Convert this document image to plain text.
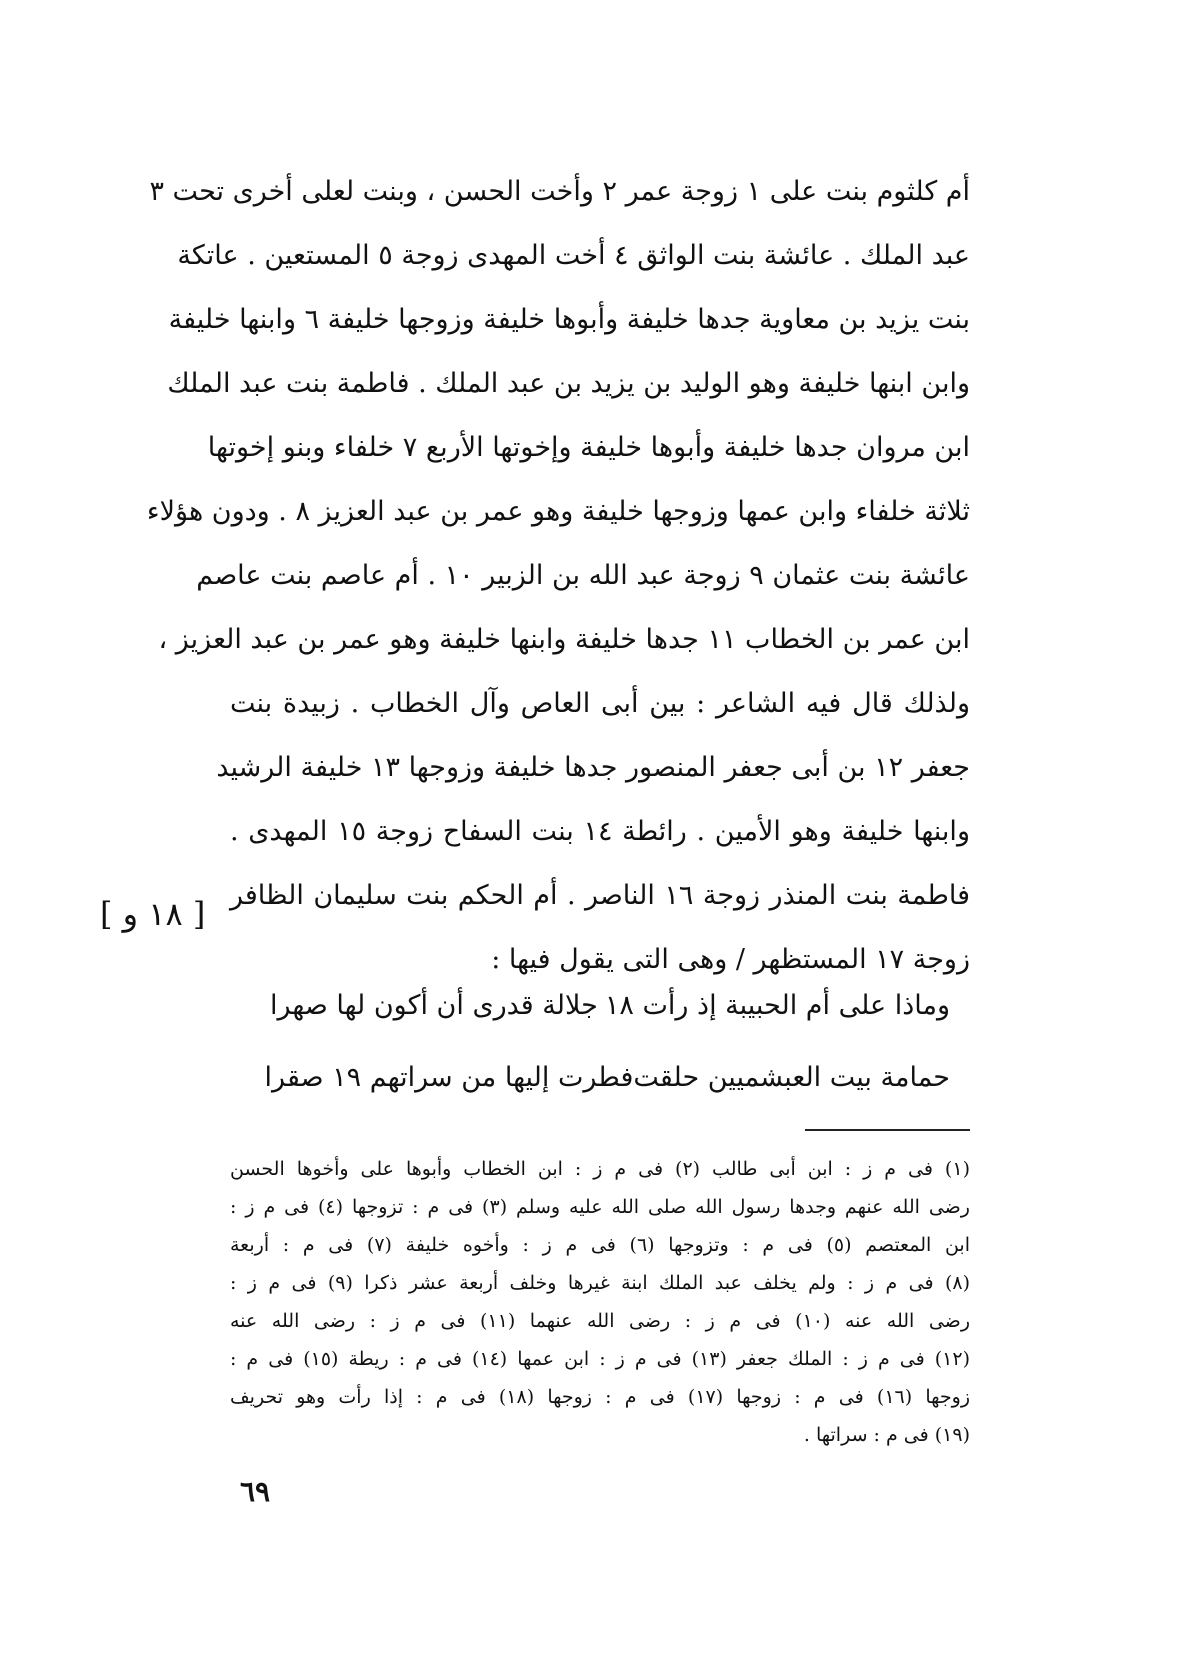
أم كلثوم بنت على ١ زوجة عمر ٢ وأخت الحسن ، وبنت لعلى أخرى تحت ٣
عبد الملك . عائشة بنت الواثق ٤ أخت المهدى زوجة ٥ المستعين . عاتكة
بنت يزيد بن معاوية جدها خليفة وأبوها خليفة وزوجها خليفة ٦ وابنها خليفة
وابن ابنها خليفة وهو الوليد بن يزيد بن عبد الملك . فاطمة بنت عبد الملك
ابن مروان جدها خليفة وأبوها خليفة وإخوتها الأربع ٧ خلفاء وبنو إخوتها
ثلاثة خلفاء وابن عمها وزوجها خليفة وهو عمر بن عبد العزيز ٨ . ودون هؤلاء
عائشة بنت عثمان ٩ زوجة عبد الله بن الزبير ١٠ . أم عاصم بنت عاصم
ابن عمر بن الخطاب ١١ جدها خليفة وابنها خليفة وهو عمر بن عبد العزيز ،
ولذلك قال فيه الشاعر : بين أبى العاص وآل الخطاب . زبيدة بنت
جعفر ١٢ بن أبى جعفر المنصور جدها خليفة وزوجها ١٣ خليفة الرشيد
وابنها خليفة وهو الأمين . رائطة ١٤ بنت السفاح زوجة ١٥ المهدى .
فاطمة بنت المنذر زوجة ١٦ الناصر . أم الحكم بنت سليمان الظافر
زوجة ١٧ المستظهر / وهى التى يقول فيها :
[ ١٨ و ]
وماذا على أم الحبيبة إذ رأت ١٨
جلالة قدرى أن أكون لها صهرا
حمامة بيت العبشميين حلقت
فطرت إليها من سراتهم ١٩ صقرا
(١) فى م ز : ابن أبى طالب (٢) فى م ز : ابن الخطاب وأبوها على وأخوها الحسن
رضى الله عنهم وجدها رسول الله صلى الله عليه وسلم (٣) فى م : تزوجها (٤) فى م ز :
ابن المعتصم (٥) فى م : وتزوجها (٦) فى م ز : وأخوه خليفة (٧) فى م : أربعة
(٨) فى م ز : ولم يخلف عبد الملك ابنة غيرها وخلف أربعة عشر ذكرا (٩) فى م ز :
رضى الله عنه (١٠) فى م ز : رضى الله عنهما (١١) فى م ز : رضى الله عنه
(١٢) فى م ز : الملك جعفر (١٣) فى م ز : ابن عمها (١٤) فى م : ريطة (١٥) فى م :
زوجها (١٦) فى م : زوجها (١٧) فى م : زوجها (١٨) فى م : إذا رأت وهو تحريف
(١٩) فى م : سراتها .
٦٩
